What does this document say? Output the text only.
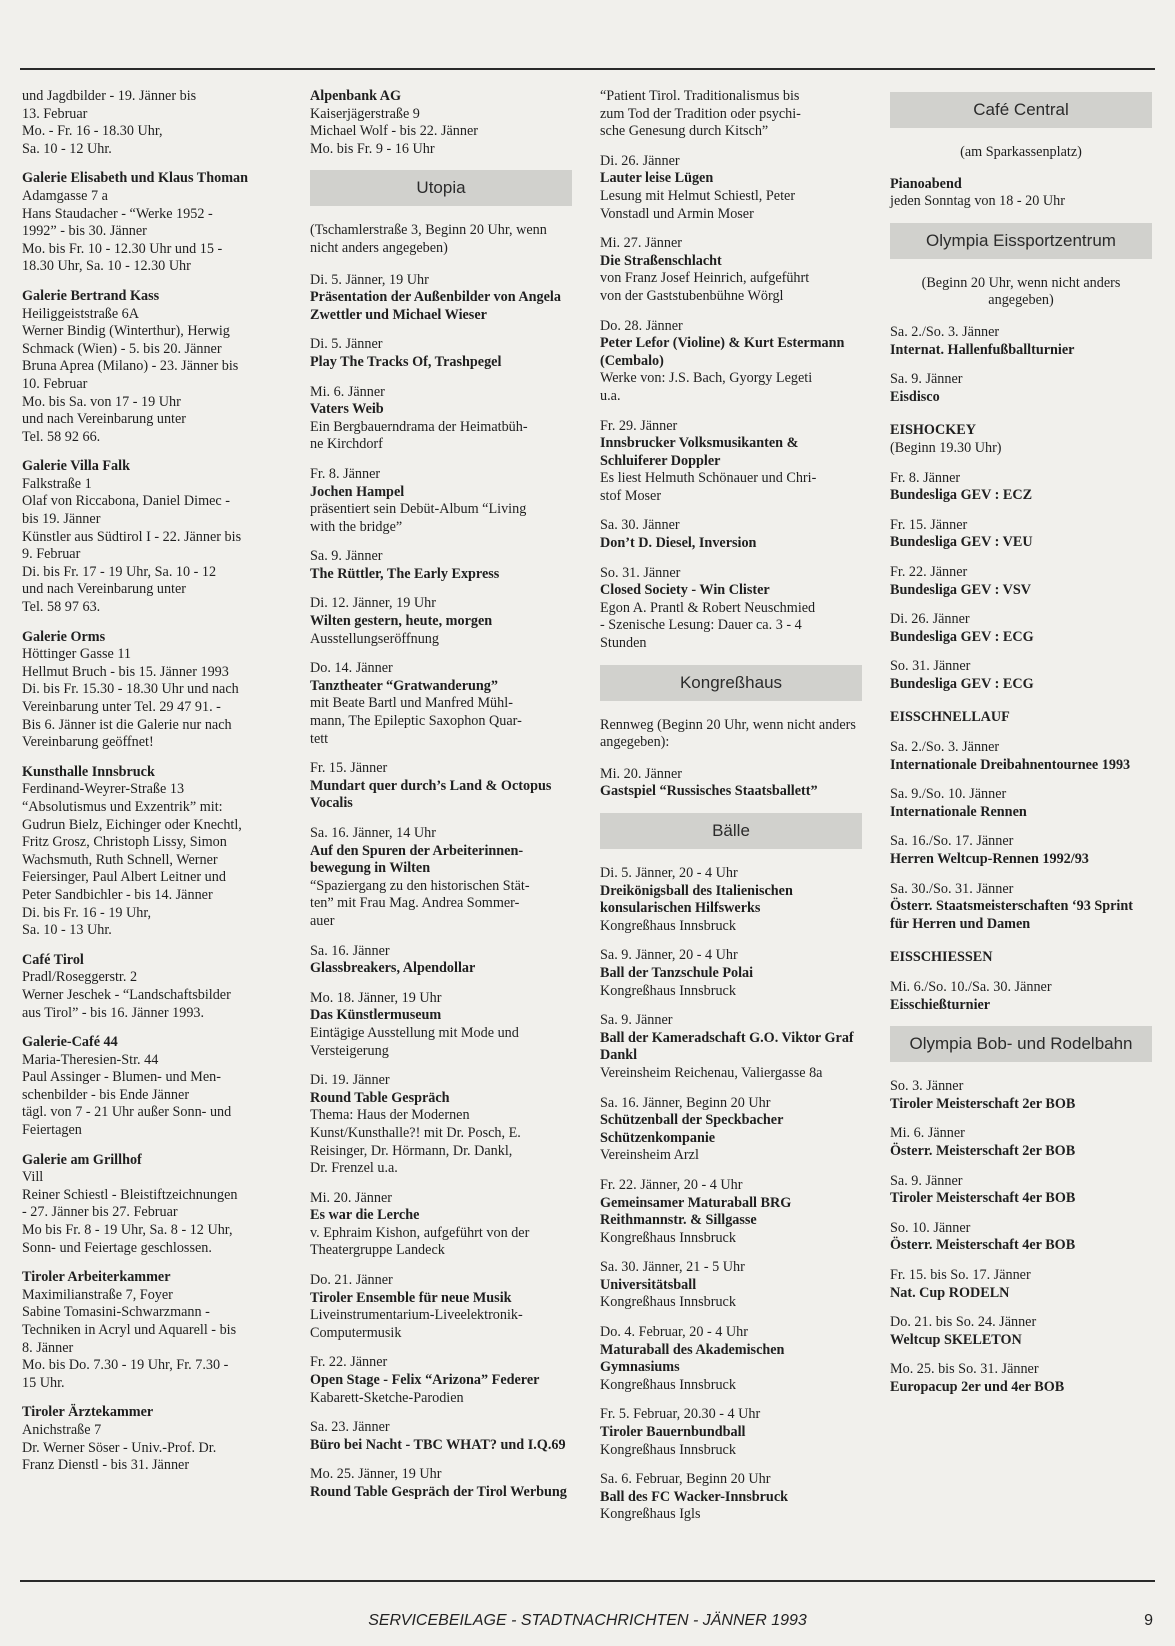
und Jagdbilder - 19. Jänner bis
13. Februar
Mo. - Fr. 16 - 18.30 Uhr,
Sa. 10 - 12 Uhr.
Galerie Elisabeth und Klaus Thoman
Adamgasse 7 a
Hans Staudacher - “Werke 1952 -
1992” - bis 30. Jänner
Mo. bis Fr. 10 - 12.30 Uhr und 15 -
18.30 Uhr, Sa. 10 - 12.30 Uhr
Galerie Bertrand Kass
Heiliggeiststraße 6A
Werner Bindig (Winterthur), Herwig
Schmack (Wien) - 5. bis 20. Jänner
Bruna Aprea (Milano) - 23. Jänner bis
10. Februar
Mo. bis Sa. von 17 - 19 Uhr
und nach Vereinbarung unter
Tel. 58 92 66.
Galerie Villa Falk
Falkstraße 1
Olaf von Riccabona, Daniel Dimec -
bis 19. Jänner
Künstler aus Südtirol I - 22. Jänner bis
9. Februar
Di. bis Fr. 17 - 19 Uhr, Sa. 10 - 12
und nach Vereinbarung unter
Tel. 58 97 63.
Galerie Orms
Höttinger Gasse 11
Hellmut Bruch - bis 15. Jänner 1993
Di. bis Fr. 15.30 - 18.30 Uhr und nach
Vereinbarung unter Tel. 29 47 91. -
Bis 6. Jänner ist die Galerie nur nach
Vereinbarung geöffnet!
Kunsthalle Innsbruck
Ferdinand-Weyrer-Straße 13
“Absolutismus und Exzentrik” mit:
Gudrun Bielz, Eichinger oder Knechtl,
Fritz Grosz, Christoph Lissy, Simon
Wachsmuth, Ruth Schnell, Werner
Feiersinger, Paul Albert Leitner und
Peter Sandbichler - bis 14. Jänner
Di. bis Fr. 16 - 19 Uhr,
Sa. 10 - 13 Uhr.
Café Tirol
Pradl/Roseggerstr. 2
Werner Jeschek - “Landschaftsbilder
aus Tirol” - bis 16. Jänner 1993.
Galerie-Café 44
Maria-Theresien-Str. 44
Paul Assinger - Blumen- und Men-
schenbilder - bis Ende Jänner
tägl. von 7 - 21 Uhr außer Sonn- und
Feiertagen
Galerie am Grillhof
Vill
Reiner Schiestl - Bleistiftzeichnungen
- 27. Jänner bis 27. Februar
Mo bis Fr. 8 - 19 Uhr, Sa. 8 - 12 Uhr,
Sonn- und Feiertage geschlossen.
Tiroler Arbeiterkammer
Maximilianstraße 7, Foyer
Sabine Tomasini-Schwarzmann -
Techniken in Acryl und Aquarell - bis
8. Jänner
Mo. bis Do. 7.30 - 19 Uhr, Fr. 7.30 -
15 Uhr.
Tiroler Ärztekammer
Anichstraße 7
Dr. Werner Söser - Univ.-Prof. Dr.
Franz Dienstl - bis 31. Jänner
Alpenbank AG
Kaiserjägerstraße 9
Michael Wolf - bis 22. Jänner
Mo. bis Fr. 9 - 16 Uhr
Utopia
(Tschamlerstraße 3, Beginn 20 Uhr, wenn nicht anders angegeben)
Di. 5. Jänner, 19 Uhr
Präsentation der Außenbilder von Angela Zwettler und Michael Wieser
Di. 5. Jänner
Play The Tracks Of, Trashpegel
Mi. 6. Jänner
Vaters Weib
Ein Bergbauerndrama der Heimatbüh-
ne Kirchdorf
Fr. 8. Jänner
Jochen Hampel
präsentiert sein Debüt-Album “Living
with the bridge”
Sa. 9. Jänner
The Rüttler, The Early Express
Di. 12. Jänner, 19 Uhr
Wilten gestern, heute, morgen
Ausstellungseröffnung
Do. 14. Jänner
Tanztheater “Gratwanderung”
mit Beate Bartl und Manfred Mühl-
mann, The Epileptic Saxophon Quar-
tett
Fr. 15. Jänner
Mundart quer durch’s Land & Octopus Vocalis
Sa. 16. Jänner, 14 Uhr
Auf den Spuren der Arbeiterinnen-bewegung in Wilten
“Spaziergang zu den historischen Stät-
ten” mit Frau Mag. Andrea Sommer-
auer
Sa. 16. Jänner
Glassbreakers, Alpendollar
Mo. 18. Jänner, 19 Uhr
Das Künstlermuseum
Eintägige Ausstellung mit Mode und
Versteigerung
Di. 19. Jänner
Round Table Gespräch
Thema: Haus der Modernen
Kunst/Kunsthalle?! mit Dr. Posch, E.
Reisinger, Dr. Hörmann, Dr. Dankl,
Dr. Frenzel u.a.
Mi. 20. Jänner
Es war die Lerche
v. Ephraim Kishon, aufgeführt von der
Theatergruppe Landeck
Do. 21. Jänner
Tiroler Ensemble für neue Musik
Liveinstrumentarium-Liveelektronik-
Computermusik
Fr. 22. Jänner
Open Stage - Felix “Arizona” Federer
Kabarett-Sketche-Parodien
Sa. 23. Jänner
Büro bei Nacht - TBC WHAT? und I.Q.69
Mo. 25. Jänner, 19 Uhr
Round Table Gespräch der Tirol Werbung
“Patient Tirol. Traditionalismus bis
zum Tod der Tradition oder psychi-
sche Genesung durch Kitsch”
Di. 26. Jänner
Lauter leise Lügen
Lesung mit Helmut Schiestl, Peter
Vonstadl und Armin Moser
Mi. 27. Jänner
Die Straßenschlacht
von Franz Josef Heinrich, aufgeführt
von der Gaststubenbühne Wörgl
Do. 28. Jänner
Peter Lefor (Violine) & Kurt Estermann (Cembalo)
Werke von: J.S. Bach, Gyorgy Legeti
u.a.
Fr. 29. Jänner
Innsbrucker Volksmusikanten & Schluiferer Doppler
Es liest Helmuth Schönauer und Chri-
stof Moser
Sa. 30. Jänner
Don’t D. Diesel, Inversion
So. 31. Jänner
Closed Society - Win Clister
Egon A. Prantl & Robert Neuschmied
- Szenische Lesung: Dauer ca. 3 - 4
Stunden
Kongreßhaus
Rennweg (Beginn 20 Uhr, wenn nicht anders angegeben):
Mi. 20. Jänner
Gastspiel “Russisches Staatsballett”
Bälle
Di. 5. Jänner, 20 - 4 Uhr
Dreikönigsball des Italienischen konsularischen Hilfswerks
Kongreßhaus Innsbruck
Sa. 9. Jänner, 20 - 4 Uhr
Ball der Tanzschule Polai
Kongreßhaus Innsbruck
Sa. 9. Jänner
Ball der Kameradschaft G.O. Viktor Graf Dankl
Vereinsheim Reichenau, Valiergasse 8a
Sa. 16. Jänner, Beginn 20 Uhr
Schützenball der Speckbacher Schützenkompanie
Vereinsheim Arzl
Fr. 22. Jänner, 20 - 4 Uhr
Gemeinsamer Maturaball BRG Reithmannstr. & Sillgasse
Kongreßhaus Innsbruck
Sa. 30. Jänner, 21 - 5 Uhr
Universitätsball
Kongreßhaus Innsbruck
Do. 4. Februar, 20 - 4 Uhr
Maturaball des Akademischen Gymnasiums
Kongreßhaus Innsbruck
Fr. 5. Februar, 20.30 - 4 Uhr
Tiroler Bauernbundball
Kongreßhaus Innsbruck
Sa. 6. Februar, Beginn 20 Uhr
Ball des FC Wacker-Innsbruck
Kongreßhaus Igls
Café Central
(am Sparkassenplatz)
Pianoabend
jeden Sonntag von 18 - 20 Uhr
Olympia Eissportzentrum
(Beginn 20 Uhr, wenn nicht anders angegeben)
Sa. 2./So. 3. Jänner
Internat. Hallenfußballturnier
Sa. 9. Jänner
Eisdisco
EISHOCKEY
(Beginn 19.30 Uhr)
Fr. 8. Jänner
Bundesliga GEV : ECZ
Fr. 15. Jänner
Bundesliga GEV : VEU
Fr. 22. Jänner
Bundesliga GEV : VSV
Di. 26. Jänner
Bundesliga GEV : ECG
So. 31. Jänner
Bundesliga GEV : ECG
EISSCHNELLAUF
Sa. 2./So. 3. Jänner
Internationale Dreibahnentournee 1993
Sa. 9./So. 10. Jänner
Internationale Rennen
Sa. 16./So. 17. Jänner
Herren Weltcup-Rennen 1992/93
Sa. 30./So. 31. Jänner
Österr. Staatsmeisterschaften ‘93 Sprint für Herren und Damen
EISSCHIESSEN
Mi. 6./So. 10./Sa. 30. Jänner
Eisschießturnier
Olympia Bob- und Rodelbahn
So. 3. Jänner
Tiroler Meisterschaft 2er BOB
Mi. 6. Jänner
Österr. Meisterschaft 2er BOB
Sa. 9. Jänner
Tiroler Meisterschaft 4er BOB
So. 10. Jänner
Österr. Meisterschaft 4er BOB
Fr. 15. bis So. 17. Jänner
Nat. Cup RODELN
Do. 21. bis So. 24. Jänner
Weltcup SKELETON
Mo. 25. bis So. 31. Jänner
Europacup 2er und 4er BOB
SERVICEBEILAGE - STADTNACHRICHTEN - JÄNNER 1993	9
